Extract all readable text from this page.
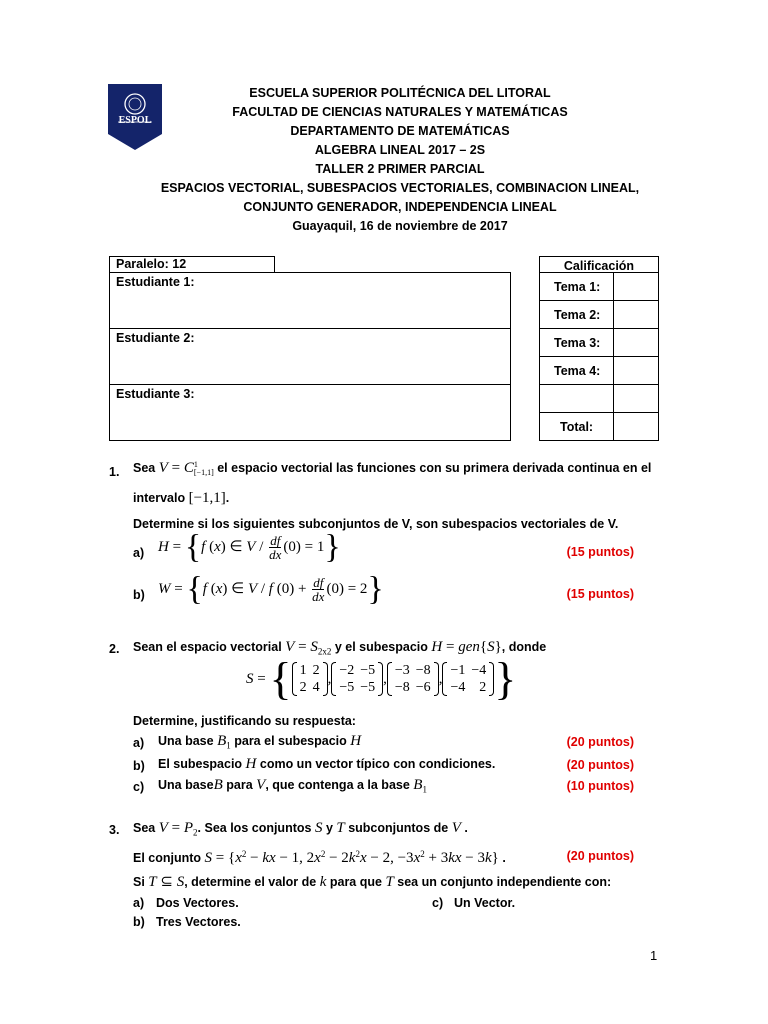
ESPOL
ESCUELA SUPERIOR POLITÉCNICA DEL LITORAL
FACULTAD DE CIENCIAS NATURALES Y MATEMÁTICAS
DEPARTAMENTO DE MATEMÁTICAS
ALGEBRA LINEAL 2017 – 2S
TALLER 2 PRIMER PARCIAL
ESPACIOS VECTORIAL, SUBESPACIOS VECTORIALES, COMBINACION LINEAL,
CONJUNTO GENERADOR, INDEPENDENCIA LINEAL
Guayaquil, 16 de noviembre de 2017
Paralelo: 12
Estudiante 1:
Estudiante 2:
Estudiante 3:
Calificación
Tema 1:
Tema 2:
Tema 3:
Tema 4:
Total:
1. Sea V = C1
[−1,1] el espacio vectorial las funciones con su primera derivada continua en el
intervalo [−1,1].
Determine si los siguientes subconjuntos de V, son subespacios vectoriales de V.
a) H = {f (x) ∈ $V / \frac{df}{dx} (0) = 1$}	(15 puntos)
b) W = {f (x) ∈ V / f $(0) + \frac{df}{dx} (0) = 2$}	(15 puntos)
2. Sean el espacio vectorial $V = S_{2x2}$ y el subespacio H = gen{S}, donde
S = { 1	2
2	4
,
−2	−5
−5	−5
,
−3	−8
−8	−6
,
−1	−4
−4	2 }
Determine, justificando su respuesta:
a) Una base $B_1$ para el subespacio H	(20 puntos)
b) El subespacio H como un vector típico con condiciones.	(20 puntos)
c) Una baseB para V, que contenga a la base $B_1$	(10 puntos)
3. Sea $V = P_2$. Sea los conjuntos S y T subconjuntos de V .
El conjunto $S = \{x^2$ − kx − 1, $2x^2 - 2k^2x - 2$, $-3x^2 + 3kx - 3k$} .	(20 puntos)
Si T ⊆ S, determine el valor de k para que T sea un conjunto independiente con:
a) Dos Vectores.	c) Un Vector.
b) Tres Vectores.
1
